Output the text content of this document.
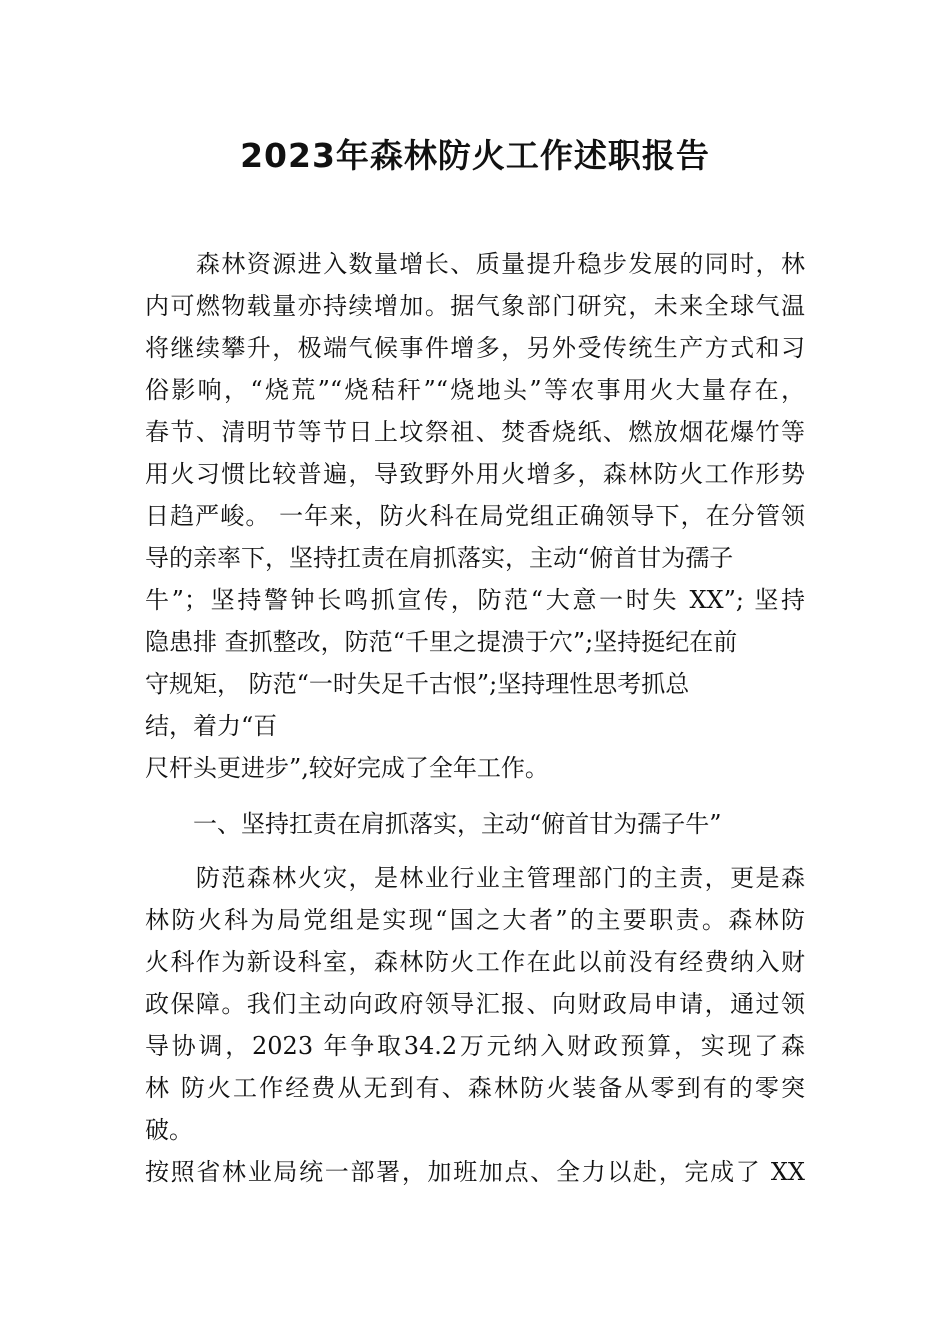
2023年森林防火工作述职报告
　　森林资源进入数量增长、质量提升稳步发展的同时，林
内可燃物载量亦持续增加。据气象部门研究，未来全球气温
将继续攀升，极端气候事件增多，另外受传统生产方式和习
俗影响，“烧荒”“烧秸秆”“烧地头”等农事用火大量存在，
春节、清明节等节日上坟祭祖、焚香烧纸、燃放烟花爆竹等
用火习惯比较普遍，导致野外用火增多，森林防火工作形势
日趋严峻。 一年来，防火科在局党组正确领导下，在分管领
导的亲率下，坚持扛责在肩抓落实，主动“俯首甘为孺子
牛”；坚持警钟长鸣抓宣传，防范“大意一时失 XX”; 坚持
隐患排 查抓整改，防范“千里之提溃于穴”;坚持挺纪在前
守规矩， 防范“一时失足千古恨”;坚持理性思考抓总
结，着力“百
尺杆头更进步”,较好完成了全年工作。
　　一、坚持扛责在肩抓落实，主动“俯首甘为孺子牛”
　　防范森林火灾，是林业行业主管理部门的主责，更是森
林防火科为局党组是实现“国之大者”的主要职责。森林防
火科作为新设科室，森林防火工作在此以前没有经费纳入财
政保障。我们主动向政府领导汇报、向财政局申请，通过领
导协调，2023 年争取34.2万元纳入财政预算，实现了森
林 防火工作经费从无到有、森林防火装备从零到有的零突
破。
按照省林业局统一部署，加班加点、全力以赴，完成了 XX
